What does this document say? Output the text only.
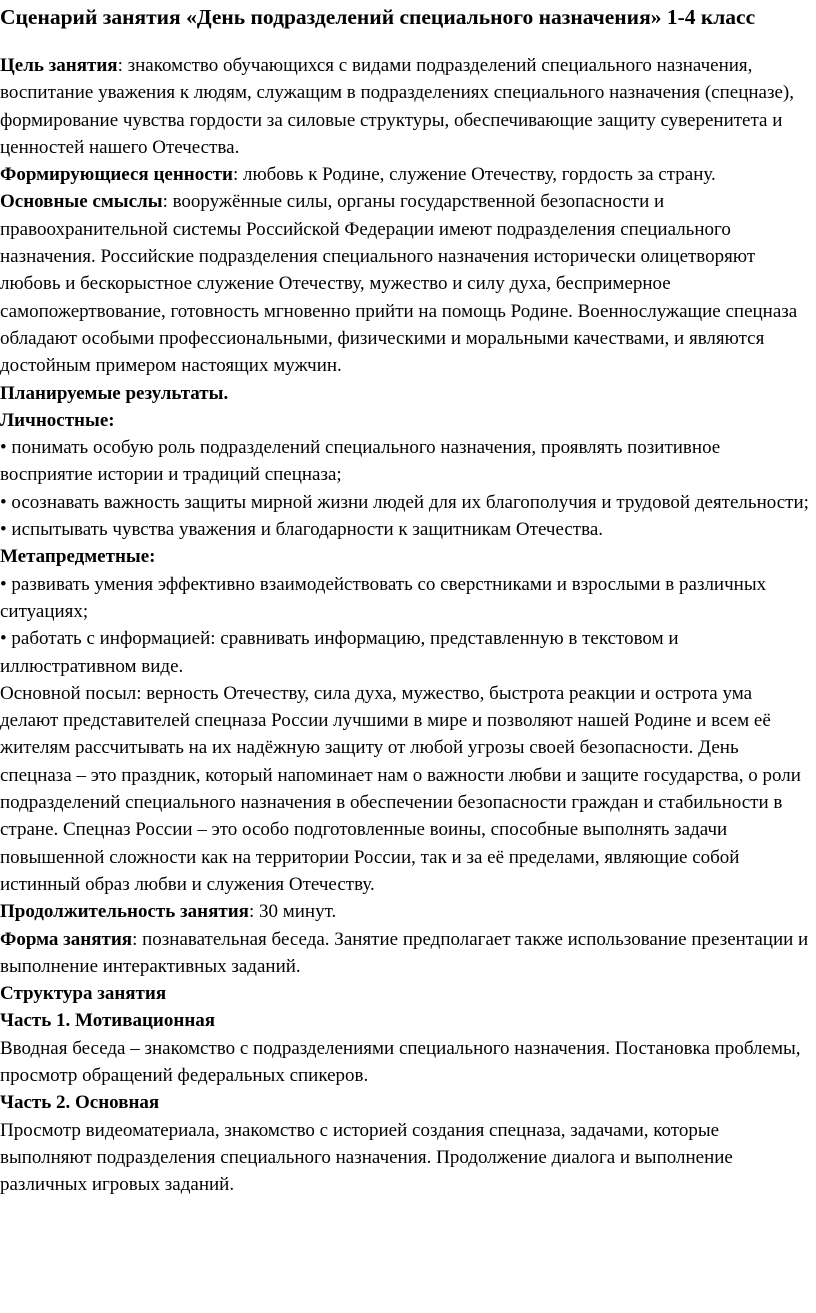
Сценарий занятия «День подразделений специального назначения» 1-4 класс

Цель занятия: знакомство обучающихся с видами подразделений специального назначения, воспитание уважения к людям, служащим в подразделениях специального назначения (спецназе), формирование чувства гордости за силовые структуры, обеспечивающие защиту суверенитета и ценностей нашего Отечества.

Формирующиеся ценности: любовь к Родине, служение Отечеству, гордость за страну.

Основные смыслы: вооружённые силы, органы государственной безопасности и правоохранительной системы Российской Федерации имеют подразделения специального назначения. Российские подразделения специального назначения исторически олицетворяют любовь и бескорыстное служение Отечеству, мужество и силу духа, беспримерное самопожертвование, готовность мгновенно прийти на помощь Родине. Военнослужащие спецназа обладают особыми профессиональными, физическими и моральными качествами, и являются достойным примером настоящих мужчин.

Планируемые результаты.

Личностные:

• понимать особую роль подразделений специального назначения, проявлять позитивное восприятие истории и традиций спецназа;

• осознавать важность защиты мирной жизни людей для их благополучия и трудовой деятельности;

• испытывать чувства уважения и благодарности к защитникам Отечества.

Метапредметные:

• развивать умения эффективно взаимодействовать со сверстниками и взрослыми в различных ситуациях;

• работать с информацией: сравнивать информацию, представленную в текстовом и иллюстративном виде.

Основной посыл: верность Отечеству, сила духа, мужество, быстрота реакции и острота ума делают представителей спецназа России лучшими в мире и позволяют нашей Родине и всем её жителям рассчитывать на их надёжную защиту от любой угрозы своей безопасности. День спецназа – это праздник, который напоминает нам о важности любви и защите государства, о роли подразделений специального назначения в обеспечении безопасности граждан и стабильности в стране. Спецназ России – это особо подготовленные воины, способные выполнять задачи повышенной сложности как на территории России, так и за её пределами, являющие собой истинный образ любви и служения Отечеству.

Продолжительность занятия: 30 минут.

Форма занятия: познавательная беседа. Занятие предполагает также использование презентации и выполнение интерактивных заданий.

Структура занятия

Часть 1. Мотивационная

Вводная беседа – знакомство с подразделениями специального назначения. Постановка проблемы, просмотр обращений федеральных спикеров.

Часть 2. Основная

Просмотр видеоматериала, знакомство с историей создания спецназа, задачами, которые выполняют подразделения специального назначения. Продолжение диалога и выполнение различных игровых заданий.
